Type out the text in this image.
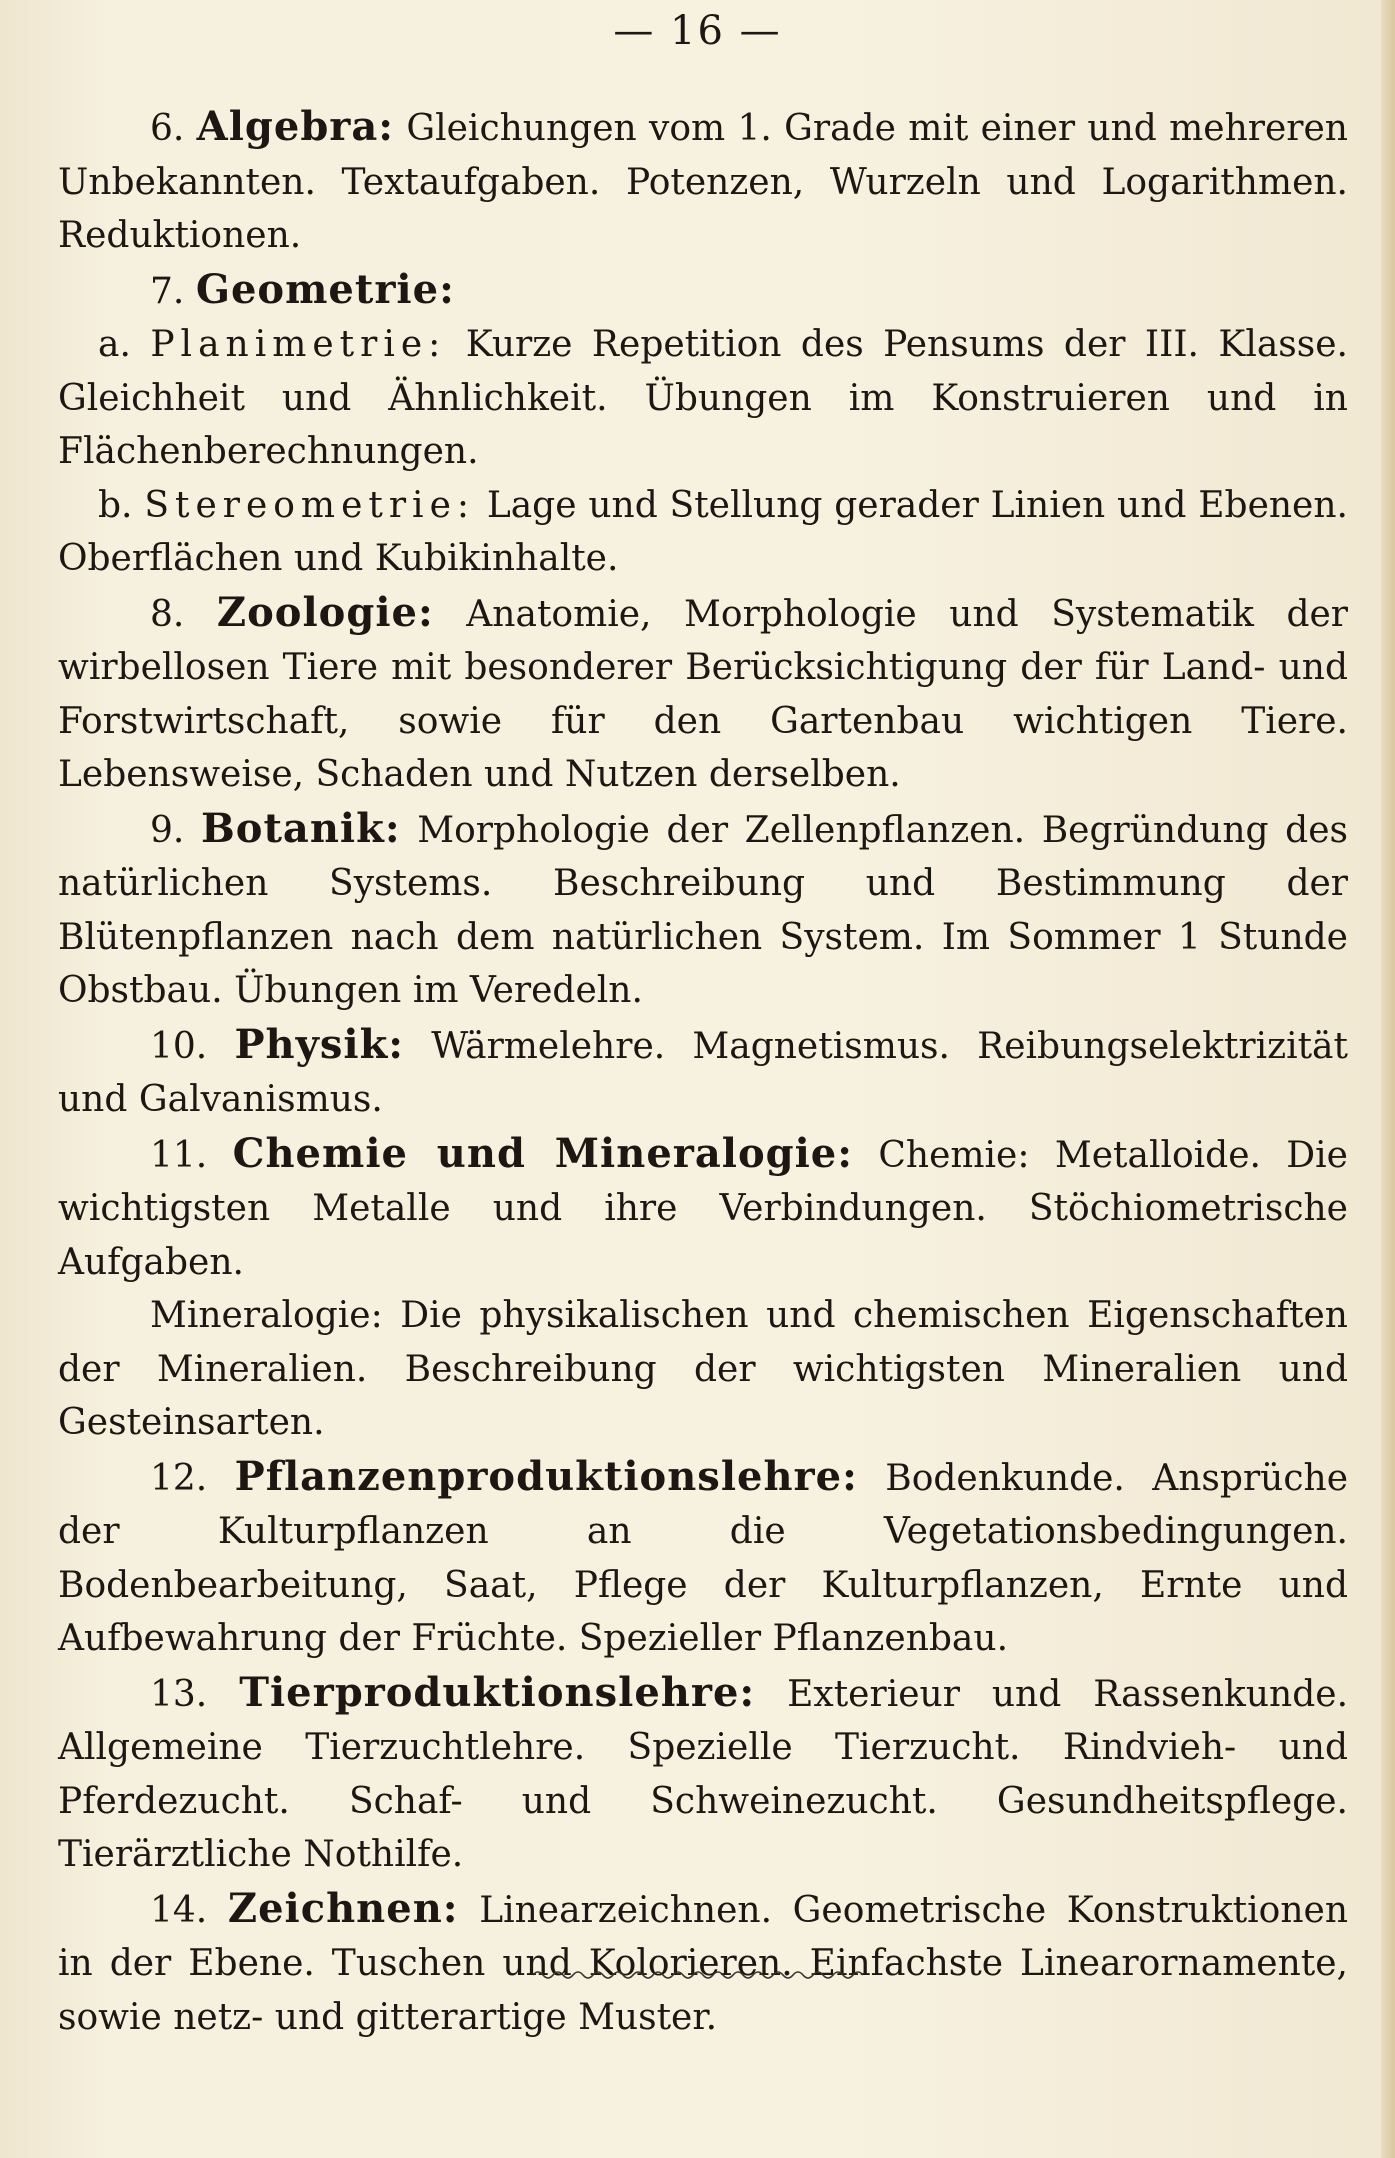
— 16 —

6. Algebra: Gleichungen vom 1. Grade mit einer und mehreren Unbekannten. Textaufgaben. Potenzen, Wurzeln und Logarithmen. Reduktionen.

7. Geometrie:

a. Planimetrie: Kurze Repetition des Pensums der III. Klasse. Gleichheit und Ähnlichkeit. Übungen im Konstruieren und in Flächenberechnungen.

b. Stereometrie: Lage und Stellung gerader Linien und Ebenen. Oberflächen und Kubikinhalte.

8. Zoologie: Anatomie, Morphologie und Systematik der wirbellosen Tiere mit besonderer Berücksichtigung der für Land- und Forstwirtschaft, sowie für den Gartenbau wichtigen Tiere. Lebensweise, Schaden und Nutzen derselben.

9. Botanik: Morphologie der Zellenpflanzen. Begründung des natürlichen Systems. Beschreibung und Bestimmung der Blütenpflanzen nach dem natürlichen System. Im Sommer 1 Stunde Obstbau. Übungen im Veredeln.

10. Physik: Wärmelehre. Magnetismus. Reibungselektrizität und Galvanismus.

11. Chemie und Mineralogie: Chemie: Metalloide. Die wichtigsten Metalle und ihre Verbindungen. Stöchiometrische Aufgaben.

Mineralogie: Die physikalischen und chemischen Eigenschaften der Mineralien. Beschreibung der wichtigsten Mineralien und Gesteinsarten.

12. Pflanzenproduktionslehre: Bodenkunde. Ansprüche der Kulturpflanzen an die Vegetationsbedingungen. Bodenbearbeitung, Saat, Pflege der Kulturpflanzen, Ernte und Aufbewahrung der Früchte. Spezieller Pflanzenbau.

13. Tierproduktionslehre: Exterieur und Rassenkunde. Allgemeine Tierzuchtlehre. Spezielle Tierzucht. Rindvieh- und Pferdezucht. Schaf- und Schweinezucht. Gesundheitspflege. Tierärztliche Nothilfe.

14. Zeichnen: Linearzeichnen. Geometrische Konstruktionen in der Ebene. Tuschen und Kolorieren. Einfachste Linearornamente, sowie netz- und gitterartige Muster.
